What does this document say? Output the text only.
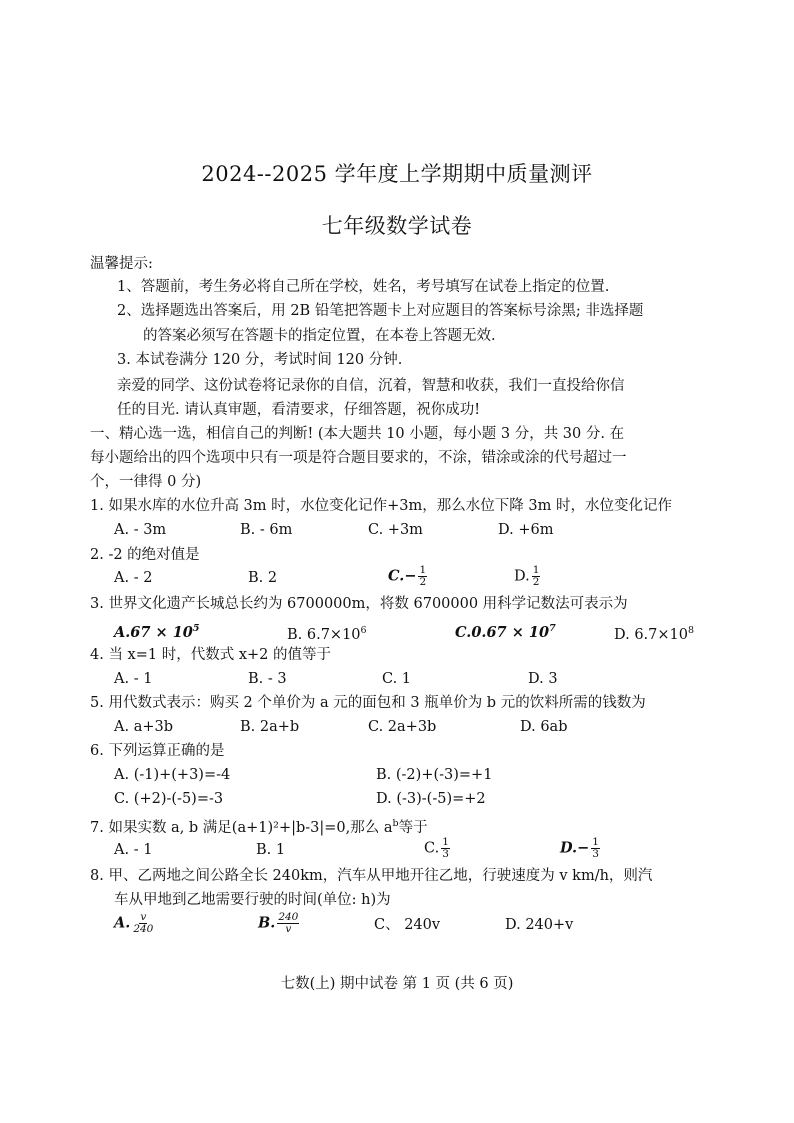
2024--2025 学年度上学期期中质量测评
七年级数学试卷
温馨提示:
1、答题前，考生务必将自己所在学校，姓名，考号填写在试卷上指定的位置.
2、选择题选出答案后，用 2B 铅笔把答题卡上对应题目的答案标号涂黑; 非选择题
的答案必须写在答题卡的指定位置，在本卷上答题无效.
3. 本试卷满分 120 分，考试时间 120 分钟.
亲爱的同学、这份试卷将记录你的自信，沉着，智慧和收获，我们一直投给你信
任的目光. 请认真审题，看清要求，仔细答题，祝你成功!
一、精心选一选，相信自己的判断! (本大题共 10 小题，每小题 3 分，共 30 分. 在
每小题给出的四个选项中只有一项是符合题目要求的，不涂，错涂或涂的代号超过一
个，一律得 0 分)
1. 如果水库的水位升高 3m 时，水位变化记作+3m，那么水位下降 3m 时，水位变化记作
A. - 3m	B. - 6m	C. +3m	D. +6m
2. -2 的绝对值是
A. - 2	B. 2	$C.- \frac{1}{2}$	D. $\frac{1}{2}$
3. 世界文化遗产长城总长约为 6700000m，将数 6700000 用科学记数法可表示为
$A.67 \times 10^5$	B. $6.7\times 10^6$	$C.0.67 \times 10^7$	D. $6.7\times 10^8$
4. 当 x=1 时，代数式 x+2 的值等于
A. - 1	B. - 3	C. 1	D. 3
5. 用代数式表示：购买 2 个单价为 a 元的面包和 3 瓶单价为 b 元的饮料所需的钱数为
A. a+3b	B. 2a+b	C. 2a+3b	D. 6ab
6. 下列运算正确的是
A. (-1)+(+3)=-4	B. (-2)+(-3)=+1
C. (+2)-(-5)=-3	D. (-3)-(-5)=+2
7. 如果实数 a, b 满足(a+1)²+|b-3|=0,那么 $a^b$等于
A. - 1	B. 1	C. $\frac{1}{3}$	$D.- \frac{1}{3}$
8. 甲、乙两地之间公路全长 240km，汽车从甲地开往乙地，行驶速度为 v km/h，则汽
车从甲地到乙地需要行驶的时间(单位: h)为
A. $\frac{v}{240}$	B. $\frac{240}{v}$	C、 240v	D. 240+v
七数(上) 期中试卷 第 1 页 (共 6 页)
